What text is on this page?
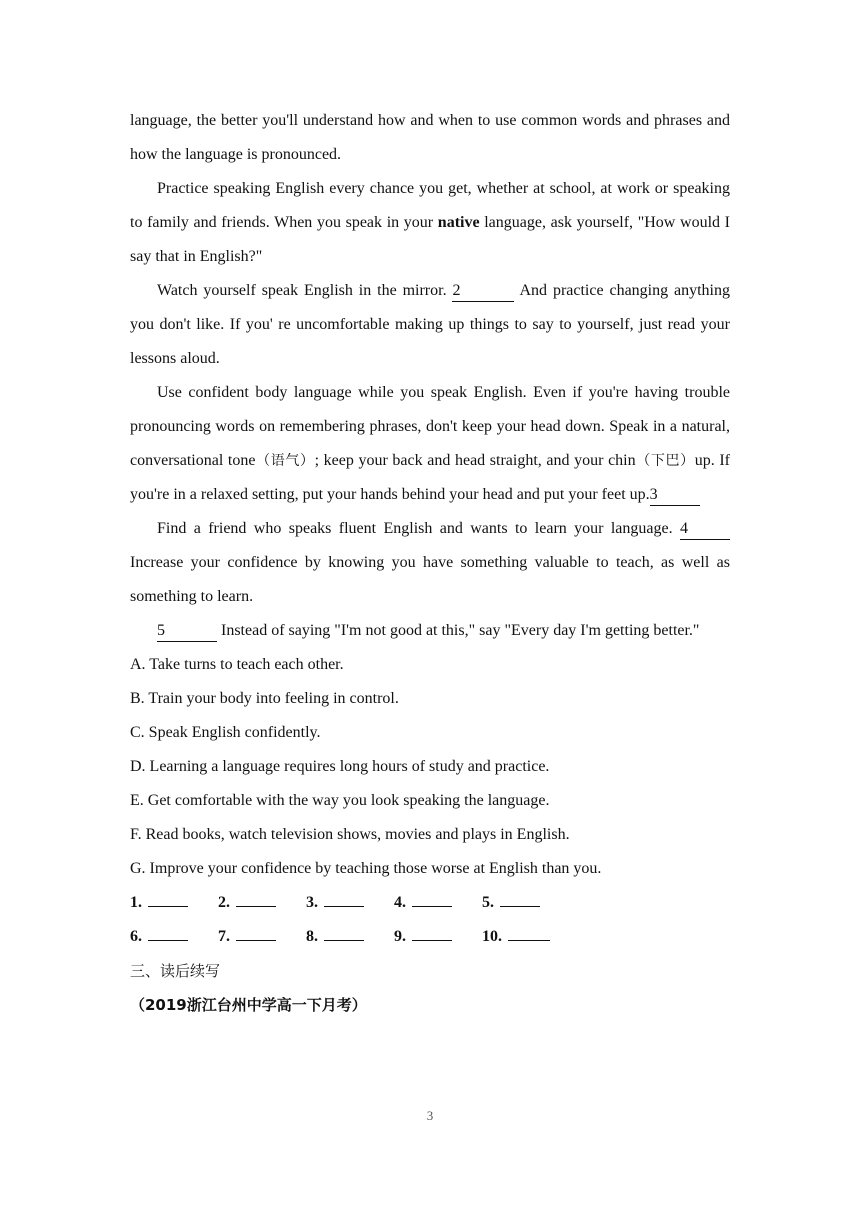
language, the better you'll understand how and when to use common words and phrases and how the language is pronounced.

Practice speaking English every chance you get, whether at school, at work or speaking to family and friends. When you speak in your native language, ask yourself, "How would I say that in English?"

Watch yourself speak English in the mirror. 2	And practice changing anything you don't like. If you' re uncomfortable making up things to say to yourself, just read your lessons aloud.

Use confident body language while you speak English. Even if you're having trouble pronouncing words on remembering phrases, don't keep your head down. Speak in a natural, conversational tone（语气）; keep your back and head straight, and your chin（下巴）up. If you're in a relaxed setting, put your hands behind your head and put your feet up.3

Find a friend who speaks fluent English and wants to learn your language. 4 Increase your confidence by knowing you have something valuable to teach, as well as something to learn.

5	Instead of saying "I'm not good at this," say "Every day I'm getting better."

A. Take turns to teach each other.

B. Train your body into feeling in control.

C. Speak English confidently.

D. Learning a language requires long hours of study and practice.

E. Get comfortable with the way you look speaking the language.

F. Read books, watch television shows, movies and plays in English.

G. Improve your confidence by teaching those worse at English than you.

1.	2.	3.	4.	5.

6.	7.	8.	9.	10.

三、读后续写

（2019浙江台州中学高一下月考）

3
